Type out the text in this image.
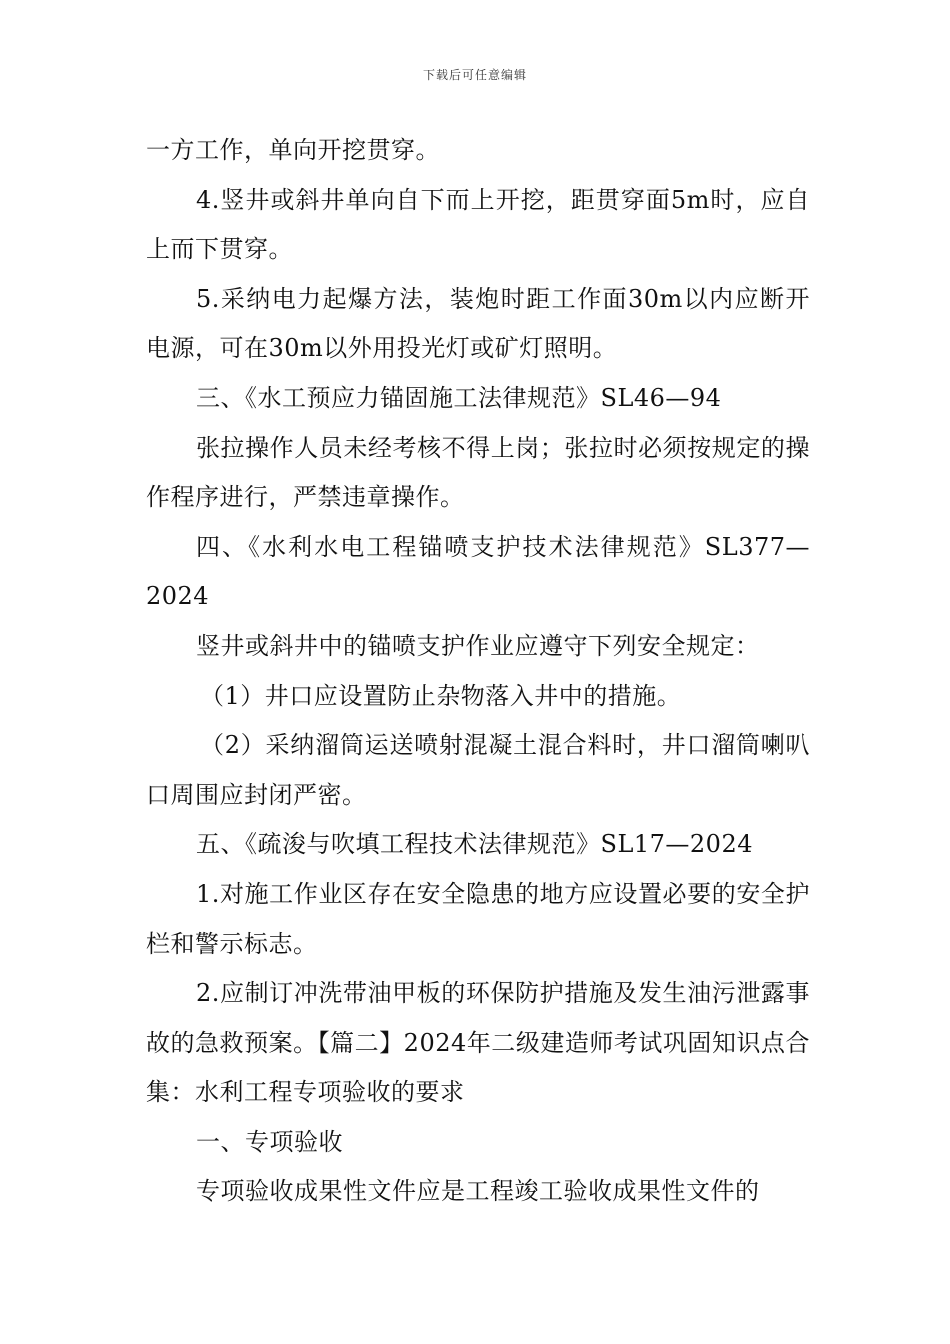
下载后可任意编辑

一方工作，单向开挖贯穿。

4.竖井或斜井单向自下而上开挖，距贯穿面5m时，应自上而下贯穿。

5.采纳电力起爆方法，装炮时距工作面30m以内应断开电源，可在30m以外用投光灯或矿灯照明。

三、《水工预应力锚固施工法律规范》SL46—94

张拉操作人员未经考核不得上岗；张拉时必须按规定的操作程序进行，严禁违章操作。

四、《水利水电工程锚喷支护技术法律规范》SL377—2024

竖井或斜井中的锚喷支护作业应遵守下列安全规定：

（1）井口应设置防止杂物落入井中的措施。

（2）采纳溜筒运送喷射混凝土混合料时，井口溜筒喇叭口周围应封闭严密。

五、《疏浚与吹填工程技术法律规范》SL17—2024

1.对施工作业区存在安全隐患的地方应设置必要的安全护栏和警示标志。

2.应制订冲洗带油甲板的环保防护措施及发生油污泄露事故的急救预案。【篇二】2024年二级建造师考试巩固知识点合集：水利工程专项验收的要求

一、专项验收

专项验收成果性文件应是工程竣工验收成果性文件的
